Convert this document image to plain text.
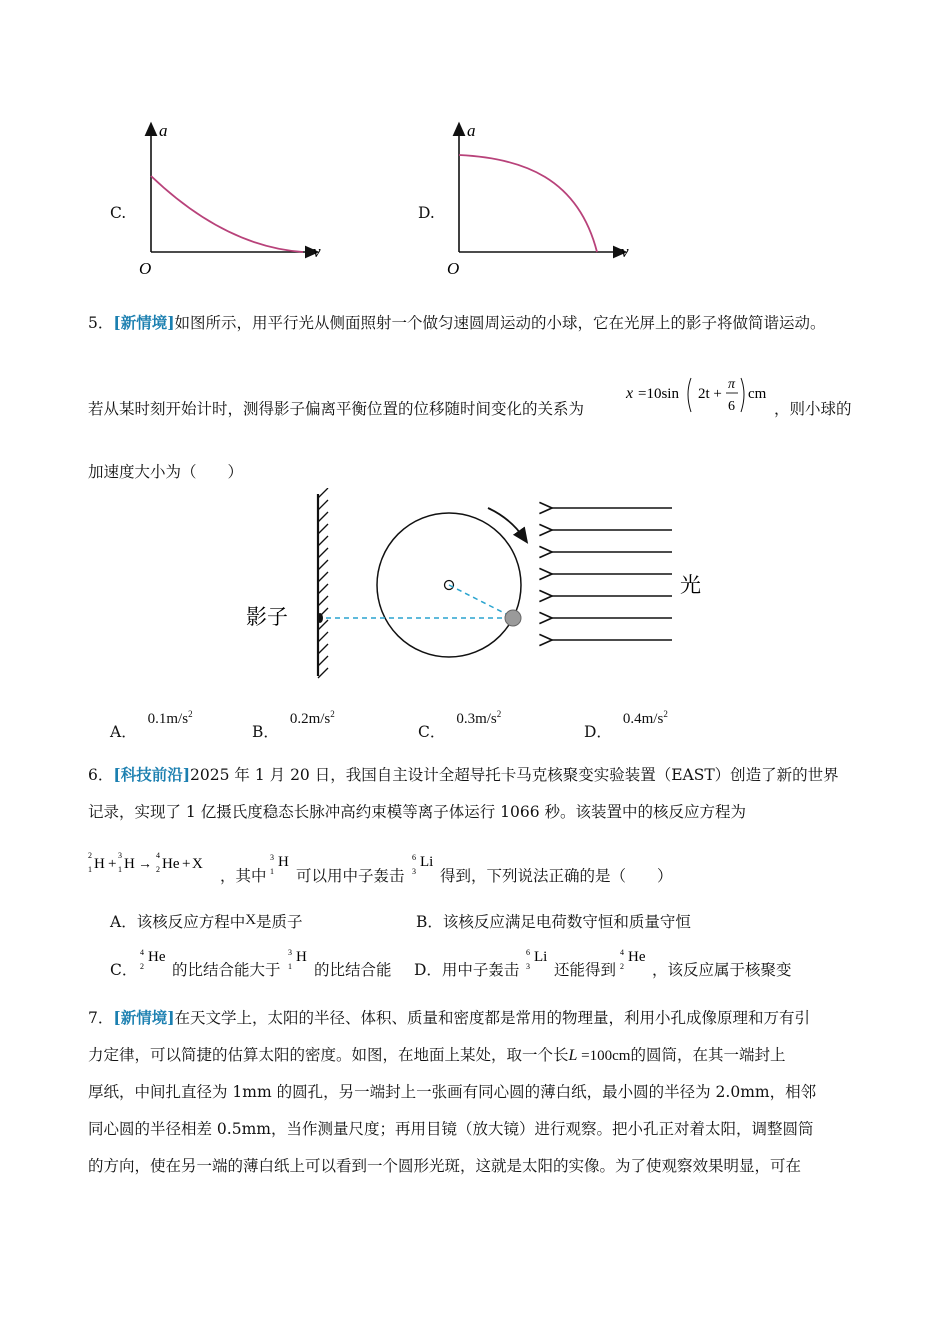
C.
a
v
O
D.
a
v
O
5．[新情境]如图所示，用平行光从侧面照射一个做匀速圆周运动的小球，它在光屏上的影子将做简谐运动。
若从某时刻开始计时，测得影子偏离平衡位置的位移随时间变化的关系为
x =10sin 2t +
π
6
cm
，则小球的
加速度大小为（　　）
影子
光
A． $0.1m/s^2$
B． $0.2m/s^2$
C． $0.3m/s^2$
D． $0.4m/s^2$
6．[科技前沿]2025 年 1 月 20 日，我国自主设计全超导托卡马克核聚变实验装置（EAST）创造了新的世界
记录，实现了 1 亿摄氏度稳态长脉冲高约束模等离子体运行 1066 秒。该装置中的核反应方程为
2
1 H +
3
1 H →
4
2 He + X
，其中
3
1
H
可以用中子轰击
6
3
Li
得到，下列说法正确的是（　　）
A．该核反应方程中X是质子	B．该核反应满足电荷数守恒和质量守恒
C．
4
2
He
的比结合能大于
3
1
H
的比结合能 D．用中子轰击
6
3
Li
还能得到
4
2
He
，该反应属于核聚变
7．[新情境]在天文学上，太阳的半径、体积、质量和密度都是常用的物理量，利用小孔成像原理和万有引
力定律，可以简捷的估算太阳的密度。如图，在地面上某处，取一个长L =100cm的圆筒，在其一端封上
厚纸，中间扎直径为 1mm 的圆孔，另一端封上一张画有同心圆的薄白纸，最小圆的半径为 2.0mm，相邻
同心圆的半径相差 0.5mm，当作测量尺度；再用目镜（放大镜）进行观察。把小孔正对着太阳，调整圆筒
的方向，使在另一端的薄白纸上可以看到一个圆形光斑，这就是太阳的实像。为了使观察效果明显，可在
